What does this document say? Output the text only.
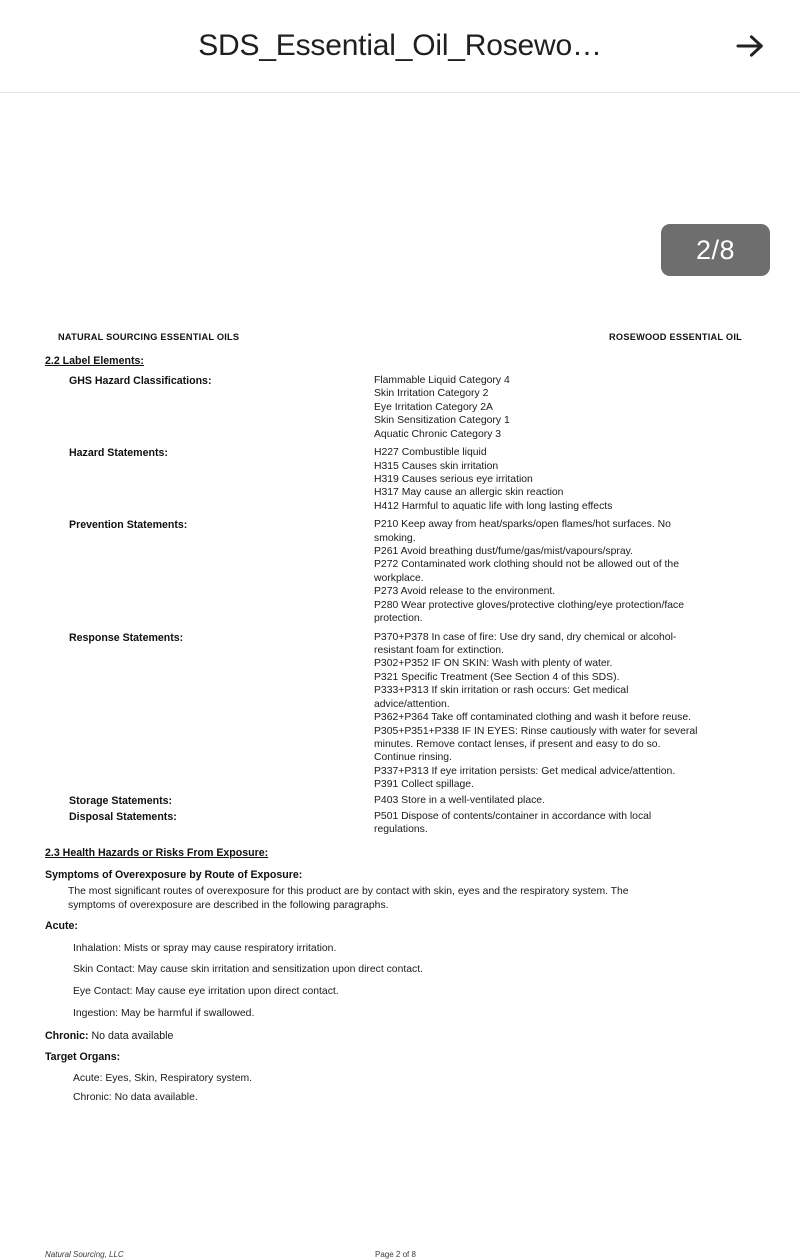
SDS_Essential_Oil_Rosewo…
2/8
NATURAL SOURCING ESSENTIAL OILS	ROSEWOOD ESSENTIAL OIL
2.2 Label Elements:
GHS Hazard Classifications:	Flammable Liquid Category 4
Skin Irritation Category 2
Eye Irritation Category 2A
Skin Sensitization Category 1
Aquatic Chronic Category 3
Hazard Statements:	H227 Combustible liquid
H315 Causes skin irritation
H319 Causes serious eye irritation
H317 May cause an allergic skin reaction
H412 Harmful to aquatic life with long lasting effects
Prevention Statements:	P210 Keep away from heat/sparks/open flames/hot surfaces. No smoking.
P261 Avoid breathing dust/fume/gas/mist/vapours/spray.
P272 Contaminated work clothing should not be allowed out of the workplace.
P273 Avoid release to the environment.
P280 Wear protective gloves/protective clothing/eye protection/face protection.
Response Statements:	P370+P378 In case of fire: Use dry sand, dry chemical or alcohol-resistant foam for extinction.
P302+P352 IF ON SKIN: Wash with plenty of water.
P321 Specific Treatment (See Section 4 of this SDS).
P333+P313 If skin irritation or rash occurs: Get medical advice/attention.
P362+P364 Take off contaminated clothing and wash it before reuse.
P305+P351+P338 IF IN EYES: Rinse cautiously with water for several minutes. Remove contact lenses, if present and easy to do so. Continue rinsing.
P337+P313 If eye irritation persists: Get medical advice/attention.
P391 Collect spillage.
Storage Statements:	P403 Store in a well-ventilated place.
Disposal Statements:	P501 Dispose of contents/container in accordance with local regulations.
2.3 Health Hazards or Risks From Exposure:
Symptoms of Overexposure by Route of Exposure:
The most significant routes of overexposure for this product are by contact with skin, eyes and the respiratory system. The symptoms of overexposure are described in the following paragraphs.
Acute:
Inhalation: Mists or spray may cause respiratory irritation.
Skin Contact: May cause skin irritation and sensitization upon direct contact.
Eye Contact: May cause eye irritation upon direct contact.
Ingestion: May be harmful if swallowed.
Chronic: No data available
Target Organs:
Acute: Eyes, Skin, Respiratory system.
Chronic: No data available.
Natural Sourcing, LLC	Page 2 of 8
